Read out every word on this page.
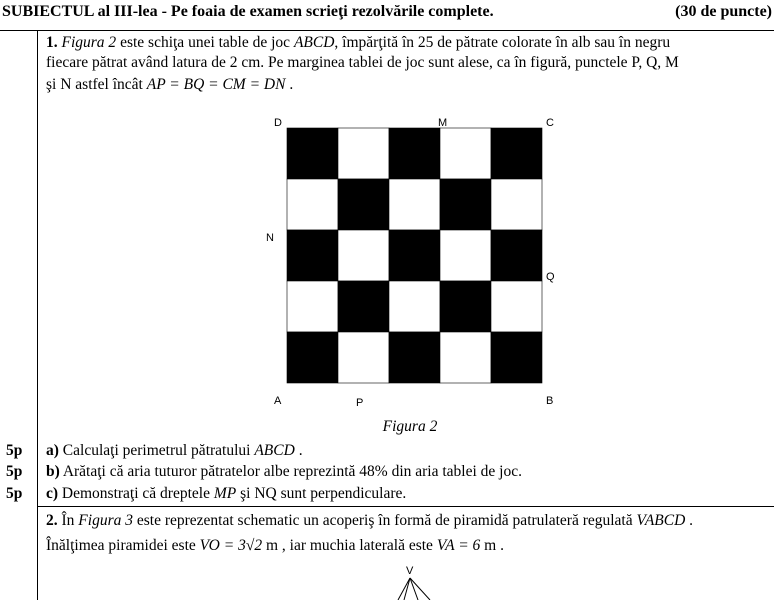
SUBIECTUL al III-lea - Pe foaia de examen scrieţi rezolvările complete.	(30 de puncte)
1. Figura 2 este schiţa unei table de joc ABCD, împărţită în 25 de pătrate colorate în alb sau în negru
fiecare pătrat având latura de 2 cm. Pe marginea tablei de joc sunt alese, ca în figură, punctele P, Q, M
şi N astfel încât AP = BQ = CM = DN .
D	M	C
N
Q
A	P	B
Figura 2
5p a) Calculaţi perimetrul pătratului ABCD .
5p b) Arătaţi că aria tuturor pătratelor albe reprezintă 48% din aria tablei de joc.
5p c) Demonstraţi că dreptele MP şi NQ sunt perpendiculare.
2. În Figura 3 este reprezentat schematic un acoperiş în formă de piramidă patrulateră regulată VABCD .
Înălţimea piramidei este VO = 3√2 m , iar muchia laterală este VA = 6 m .
V
